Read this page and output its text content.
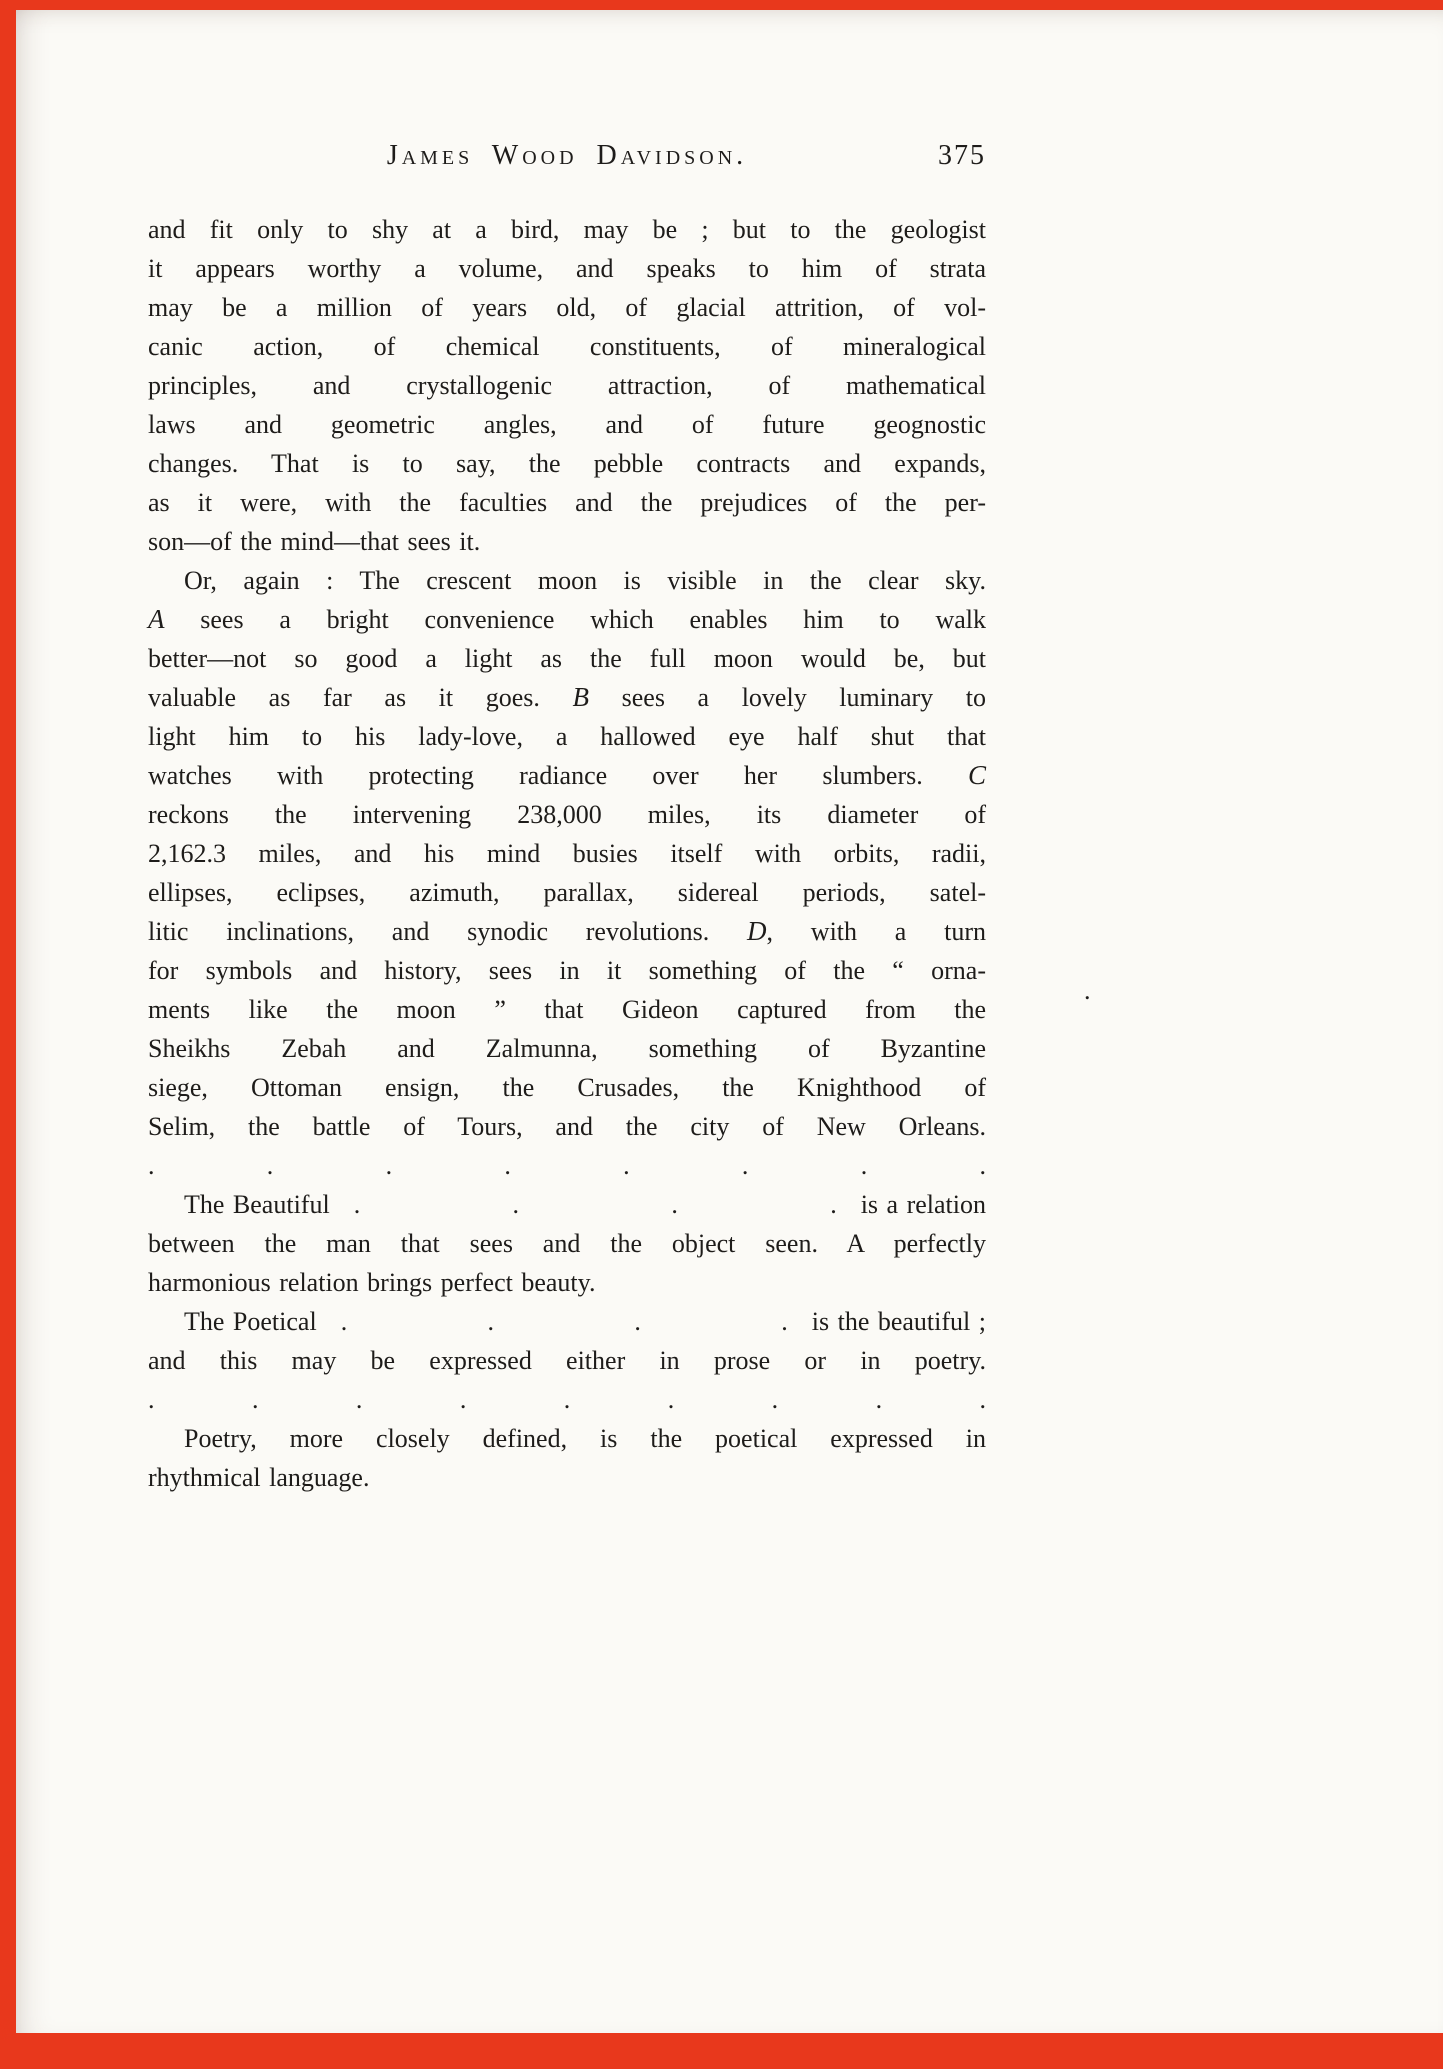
James Wood Davidson.	375
and fit only to shy at a bird, may be ; but to the geologist
it appears worthy a volume, and speaks to him of strata
may be a million of years old, of glacial attrition, of vol-
canic action, of chemical constituents, of mineralogical
principles, and crystallogenic attraction, of mathematical
laws and geometric angles, and of future geognostic
changes. That is to say, the pebble contracts and expands,
as it were, with the faculties and the prejudices of the per-
son—of the mind—that sees it.
Or, again : The crescent moon is visible in the clear sky.
A sees a bright convenience which enables him to walk
better—not so good a light as the full moon would be, but
valuable as far as it goes. B sees a lovely luminary to
light him to his lady-love, a hallowed eye half shut that
watches with protecting radiance over her slumbers. C
reckons the intervening 238,000 miles, its diameter of
2,162.3 miles, and his mind busies itself with orbits, radii,
ellipses, eclipses, azimuth, parallax, sidereal periods, satel-
litic inclinations, and synodic revolutions. D, with a turn
for symbols and history, sees in it something of the “ orna-
ments like the moon ” that Gideon captured from the
Sheikhs Zebah and Zalmunna, something of Byzantine
siege, Ottoman ensign, the Crusades, the Knighthood of
Selim, the battle of Tours, and the city of New Orleans.
. . . . . . . .
The Beautiful . . . . is a relation
between the man that sees and the object seen. A perfectly
harmonious relation brings perfect beauty.
The Poetical . . . . is the beautiful ;
and this may be expressed either in prose or in poetry.
. . . . . . . . .
Poetry, more closely defined, is the poetical expressed in
rhythmical language.
.
